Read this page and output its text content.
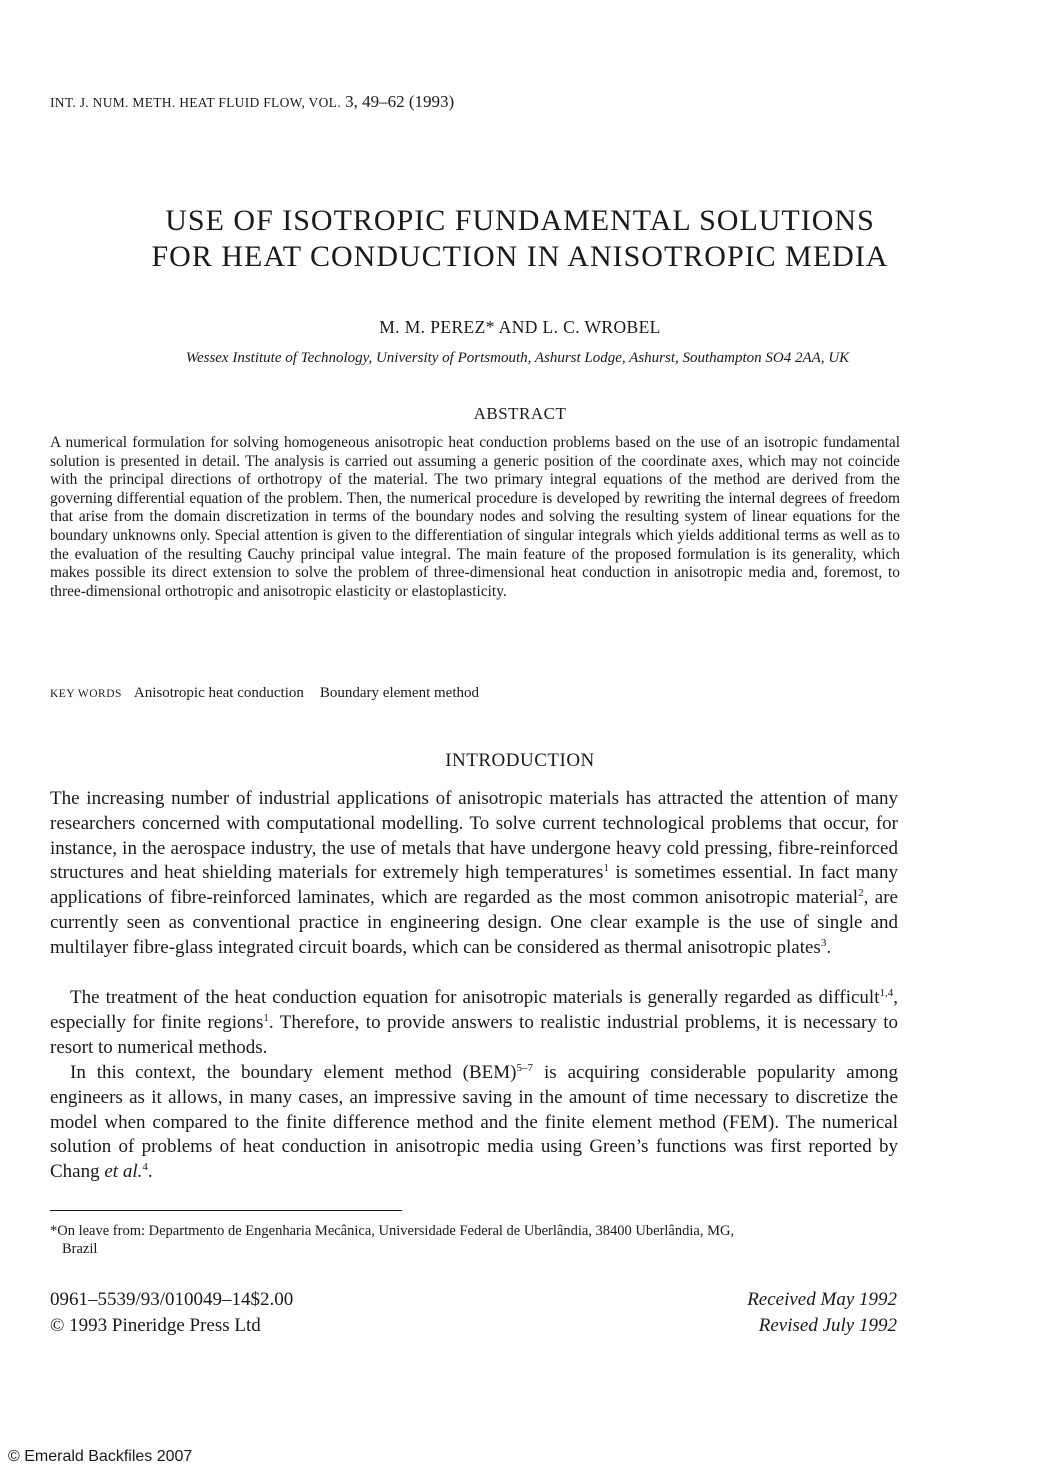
INT. J. NUM. METH. HEAT FLUID FLOW, VOL. 3, 49–62 (1993)
USE OF ISOTROPIC FUNDAMENTAL SOLUTIONS
FOR HEAT CONDUCTION IN ANISOTROPIC MEDIA
M. M. PEREZ* AND L. C. WROBEL
Wessex Institute of Technology, University of Portsmouth, Ashurst Lodge, Ashurst, Southampton SO4 2AA, UK
ABSTRACT

A numerical formulation for solving homogeneous anisotropic heat conduction problems based on the use of an isotropic fundamental solution is presented in detail. The analysis is carried out assuming a generic position of the coordinate axes, which may not coincide with the principal directions of orthotropy of the material. The two primary integral equations of the method are derived from the governing differential equation of the problem. Then, the numerical procedure is developed by rewriting the internal degrees of freedom that arise from the domain discretization in terms of the boundary nodes and solving the resulting system of linear equations for the boundary unknowns only. Special attention is given to the differentiation of singular integrals which yields additional terms as well as to the evaluation of the resulting Cauchy principal value integral. The main feature of the proposed formulation is its generality, which makes possible its direct extension to solve the problem of three-dimensional heat conduction in anisotropic media and, foremost, to three-dimensional orthotropic and anisotropic elasticity or elastoplasticity.

KEY WORDS Anisotropic heat conduction Boundary element method
INTRODUCTION

The increasing number of industrial applications of anisotropic materials has attracted the attention of many researchers concerned with computational modelling. To solve current technological problems that occur, for instance, in the aerospace industry, the use of metals that have undergone heavy cold pressing, fibre-reinforced structures and heat shielding materials for extremely high temperatures$^1$ is sometimes essential. In fact many applications of fibre-reinforced laminates, which are regarded as the most common anisotropic material$^2$, are currently seen as conventional practice in engineering design. One clear example is the use of single and multilayer fibre-glass integrated circuit boards, which can be considered as thermal anisotropic plates$^3$.

The treatment of the heat conduction equation for anisotropic materials is generally regarded as difficult$^{1,4}$, especially for finite regions$^1$. Therefore, to provide answers to realistic industrial problems, it is necessary to resort to numerical methods.

In this context, the boundary element method (BEM)$^{5-7}$ is acquiring considerable popularity among engineers as it allows, in many cases, an impressive saving in the amount of time necessary to discretize the model when compared to the finite difference method and the finite element method (FEM). The numerical solution of problems of heat conduction in anisotropic media using Green’s functions was first reported by Chang et al.$^4$.

*On leave from: Departmento de Engenharia Mecânica, Universidade Federal de Uberlândia, 38400 Uberlândia, MG,
Brazil

0961–5539/93/010049–14$2.00
© 1993 Pineridge Press Ltd
Received May 1992
Revised July 1992
© Emerald Backfiles 2007
